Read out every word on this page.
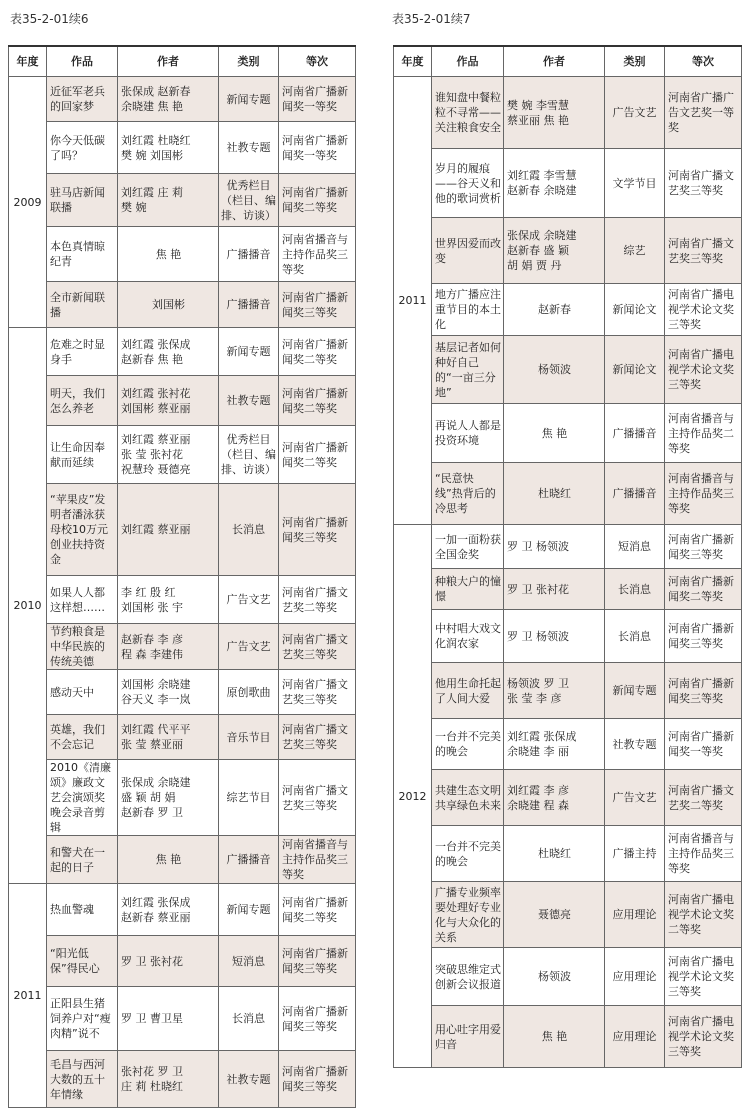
表35-2-01续6
年度	作品	作者	类别	等次
2009	近征军老兵的回家梦	张保成 赵新春
余晓建 焦 艳	新闻专题	河南省广播新闻奖一等奖
	你今天低碳了吗？	刘红霞 杜晓红
樊 婉 刘国彬	社教专题	河南省广播新闻奖一等奖
	驻马店新闻联播	刘红霞 庄 莉
樊 婉	优秀栏目（栏目、编排、访谈）	河南省广播新闻奖二等奖
	本色真情晾纪青	焦 艳	广播播音	河南省播音与主持作品奖三等奖
	全市新闻联播	刘国彬	广播播音	河南省广播新闻奖三等奖
2010	危难之时显身手	刘红霞 张保成
赵新春 焦 艳	新闻专题	河南省广播新闻奖二等奖
	明天，我们怎么养老	刘红霞 张衬花
刘国彬 蔡亚丽	社教专题	河南省广播新闻奖二等奖
	让生命因奉献而延续	刘红霞 蔡亚丽
张 莹 张衬花
祝慧玲 聂德亮	优秀栏目（栏目、编排、访谈）	河南省广播新闻奖二等奖
	“苹果皮”发明者潘泳获母校10万元创业扶持资金	刘红霞 蔡亚丽	长消息	河南省广播新闻奖三等奖
	如果人人都这样想……	李 红 殷 红
刘国彬 张 宇	广告文艺	河南省广播文艺奖二等奖
	节约粮食是中华民族的传统美德	赵新春 李 彦
程 森 李建伟	广告文艺	河南省广播文艺奖三等奖
	感动天中	刘国彬 余晓建
谷天义 李一岚	原创歌曲	河南省广播文艺奖三等奖
	英雄，我们不会忘记	刘红霞 代平平
张 莹 蔡亚丽	音乐节目	河南省广播文艺奖三等奖
	2010《清廉颂》廉政文艺会演颂奖晚会录音剪辑	张保成 余晓建
盛 颖 胡 娟
赵新春 罗 卫	综艺节目	河南省广播文艺奖三等奖
	和警犬在一起的日子	焦 艳	广播播音	河南省播音与主持作品奖三等奖
2011	热血警魂	刘红霞 张保成
赵新春 蔡亚丽	新闻专题	河南省广播新闻奖二等奖
	“阳光低保”得民心	罗 卫 张衬花	短消息	河南省广播新闻奖三等奖
	正阳县生猪饲养户对“瘦肉精”说不	罗 卫 曹卫星	长消息	河南省广播新闻奖三等奖
	毛昌与西河大数的五十年情缘	张衬花 罗 卫
庄 莉 杜晓红	社教专题	河南省广播新闻奖三等奖
表35-2-01续7
年度	作品	作者	类别	等次
2011	谁知盘中餐粒粒不寻常——关注粮食安全	樊 婉 李雪慧
蔡亚丽 焦 艳	广告文艺	河南省广播广告文艺奖一等奖
	岁月的履痕——谷天义和他的歌词赏析	刘红霞 李雪慧
赵新春 余晓建	文学节目	河南省广播文艺奖三等奖
	世界因爱而改变	张保成 余晓建
赵新春 盛 颖
胡 娟 贾 丹	综艺	河南省广播文艺奖三等奖
	地方广播应注重节目的本土化	赵新春	新闻论文	河南省广播电视学术论文奖三等奖
	基层记者如何种好自己的“一亩三分地”	杨领波	新闻论文	河南省广播电视学术论文奖三等奖
	再说人人都是投资环境	焦 艳	广播播音	河南省播音与主持作品奖二等奖
	“民意快线”热背后的冷思考	杜晓红	广播播音	河南省播音与主持作品奖三等奖
2012	一加一面粉获全国金奖	罗 卫 杨领波	短消息	河南省广播新闻奖三等奖
	种粮大户的憧憬	罗 卫 张衬花	长消息	河南省广播新闻奖二等奖
	中村唱大戏文化润农家	罗 卫 杨领波	长消息	河南省广播新闻奖三等奖
	他用生命托起了人间大爱	杨领波 罗 卫
张 莹 李 彦	新闻专题	河南省广播新闻奖三等奖
	一台并不完美的晚会	刘红霞 张保成
余晓建 李 丽	社教专题	河南省广播新闻奖一等奖
	共建生态文明 共享绿色未来	刘红霞 李 彦
余晓建 程 森	广告文艺	河南省广播文艺奖二等奖
	一台并不完美的晚会	杜晓红	广播主持	河南省播音与主持作品奖三等奖
	广播专业频率要处理好专业化与大众化的关系	聂德亮	应用理论	河南省广播电视学术论文奖二等奖
	突破思维定式 创新会议报道	杨领波	应用理论	河南省广播电视学术论文奖三等奖
	用心吐字用爱归音	焦 艳	应用理论	河南省广播电视学术论文奖三等奖
